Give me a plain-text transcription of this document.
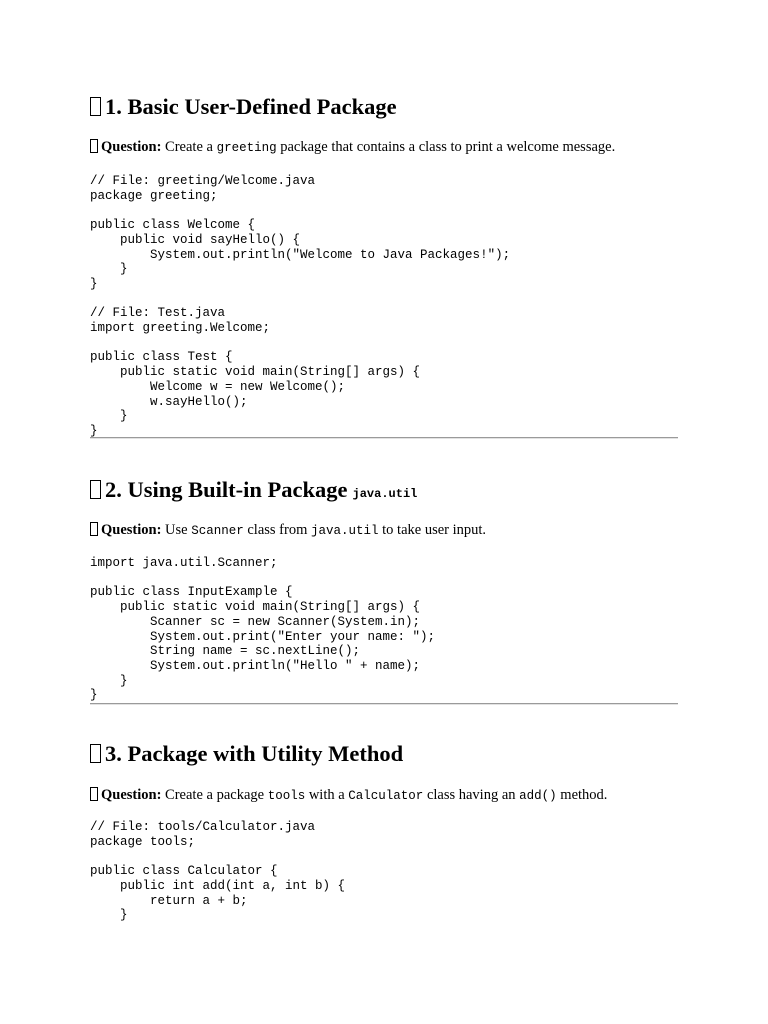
1. Basic User-Defined Package

Question: Create a greeting package that contains a class to print a welcome message.

// File: greeting/Welcome.java
package greeting;

public class Welcome {
public void sayHello() {
System.out.println("Welcome to Java Packages!");
}
}

// File: Test.java
import greeting.Welcome;

public class Test {
public static void main(String[] args) {
Welcome w = new Welcome();
w.sayHello();
}
}
2. Using Built-in Package java.util

Question: Use Scanner class from java.util to take user input.

import java.util.Scanner;

public class InputExample {
public static void main(String[] args) {
Scanner sc = new Scanner(System.in);
System.out.print("Enter your name: ");
String name = sc.nextLine();
System.out.println("Hello " + name);
}
}
3. Package with Utility Method

Question: Create a package tools with a Calculator class having an add() method.

// File: tools/Calculator.java
package tools;

public class Calculator {
public int add(int a, int b) {
return a + b;
}
